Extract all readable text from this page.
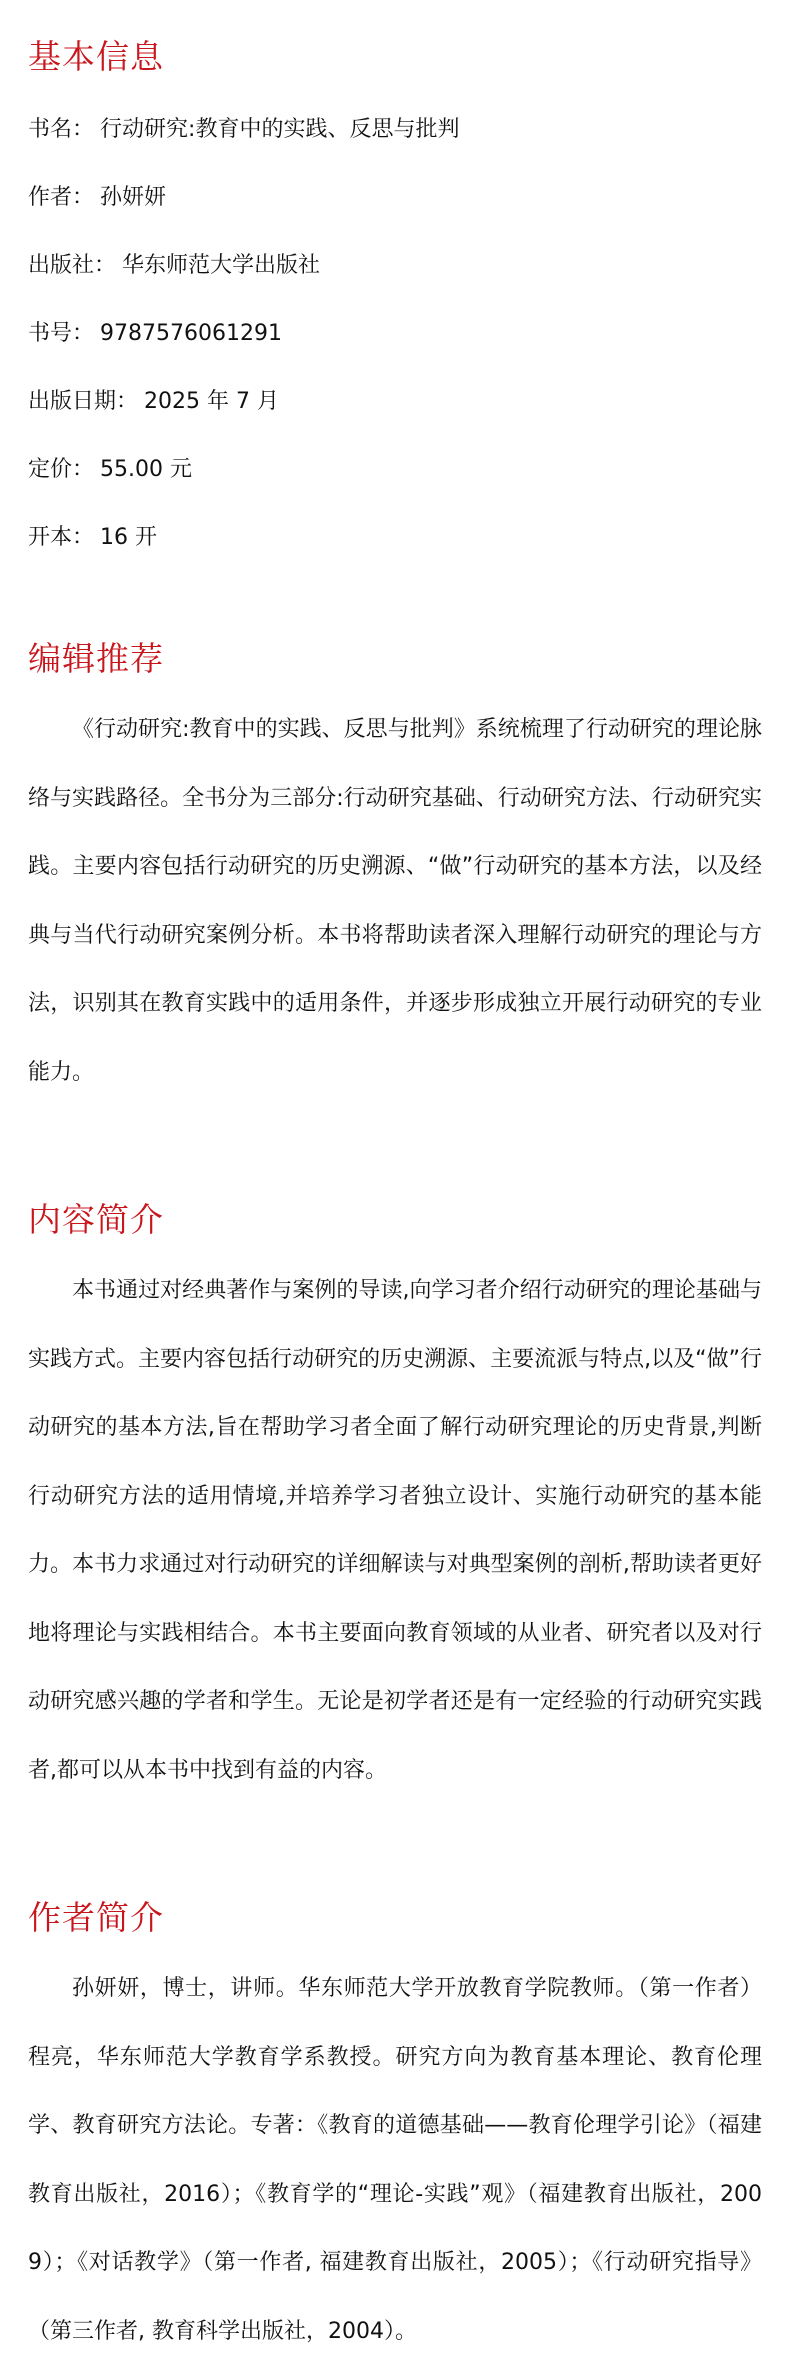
基本信息
书名： 行动研究:教育中的实践、反思与批判
作者： 孙妍妍
出版社： 华东师范大学出版社
书号： 9787576061291
出版日期： 2025 年 7 月
定价： 55.00 元
开本： 16 开
编辑推荐

《行动研究:教育中的实践、反思与批判》系统梳理了行动研究的理论脉络与实践路径。全书分为三部分:行动研究基础、行动研究方法、行动研究实践。主要内容包括行动研究的历史溯源、“做”行动研究的基本方法，以及经典与当代行动研究案例分析。本书将帮助读者深入理解行动研究的理论与方法，识别其在教育实践中的适用条件，并逐步形成独立开展行动研究的专业能力。

内容简介

本书通过对经典著作与案例的导读,向学习者介绍行动研究的理论基础与实践方式。主要内容包括行动研究的历史溯源、主要流派与特点,以及“做”行动研究的基本方法,旨在帮助学习者全面了解行动研究理论的历史背景,判断行动研究方法的适用情境,并培养学习者独立设计、实施行动研究的基本能力。本书力求通过对行动研究的详细解读与对典型案例的剖析,帮助读者更好地将理论与实践相结合。本书主要面向教育领域的从业者、研究者以及对行动研究感兴趣的学者和学生。无论是初学者还是有一定经验的行动研究实践者,都可以从本书中找到有益的内容。

作者简介

孙妍妍，博士，讲师。华东师范大学开放教育学院教师。（第一作者） 程亮，华东师范大学教育学系教授。研究方向为教育基本理论、教育伦理学、教育研究方法论。专著：《教育的道德基础——教育伦理学引论》（福建教育出版社，2016）；《教育学的“理论-实践”观》（福建教育出版社，2009）；《对话教学》（第一作者, 福建教育出版社，2005）；《行动研究指导》（第三作者, 教育科学出版社，2004）。
